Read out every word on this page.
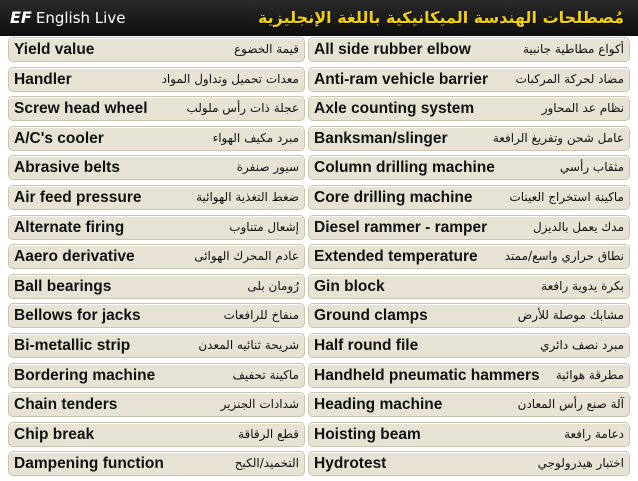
EF English Live	مُصطلحات الهندسة الميكانيكية باللغة الإنجليزية
Yield value	قيمة الخضوع
Handler	معدات تحميل وتداول المواد
Screw head wheel	عجلة ذات رأس ملولب
A/C's cooler	مبرد مكيف الهواء
Abrasive belts	سيور صنفرة
Air feed pressure	ضغط التغذية الهوائية
Alternate firing	إشعال متناوب
Aaero derivative	عادم المحرك الهوائى
Ball bearings	رُومان بلى
Bellows for jacks	منفاخ للرافعات
Bi-metallic strip	شريحة ثنائيه المعدن
Bordering machine	ماكينة تحفيف
Chain tenders	شدادات الجنزير
Chip break	قطع الرقاقة
Dampening function	التخميد/الكبح
All side rubber elbow	أكواع مطاطية جانبية
Anti-ram vehicle barrier مضاد لحركة المركبات
Axle counting system	نظام عد المحاور
Banksman/slinger	عامل شحن وتفريغ الرافعة
Column drilling machine	مثقاب رأسي
Core drilling machine	ماكينة استخراج العينات
Diesel rammer - ramper	مدك يعمل بالديزل
Extended temperature نطاق حراري واسع/ممتد
Gin block	بكرة يدوية رافعة
Ground clamps	مشابك موصلة للأرض
Half round file	مبرد نصف دائري
Handheld pneumatic hammers مطرقة هوائية
Heading machine	آلة صنع رأس المعادن
Hoisting beam	دعامة رافعة
Hydrotest	اختبار هيدرولوجي
